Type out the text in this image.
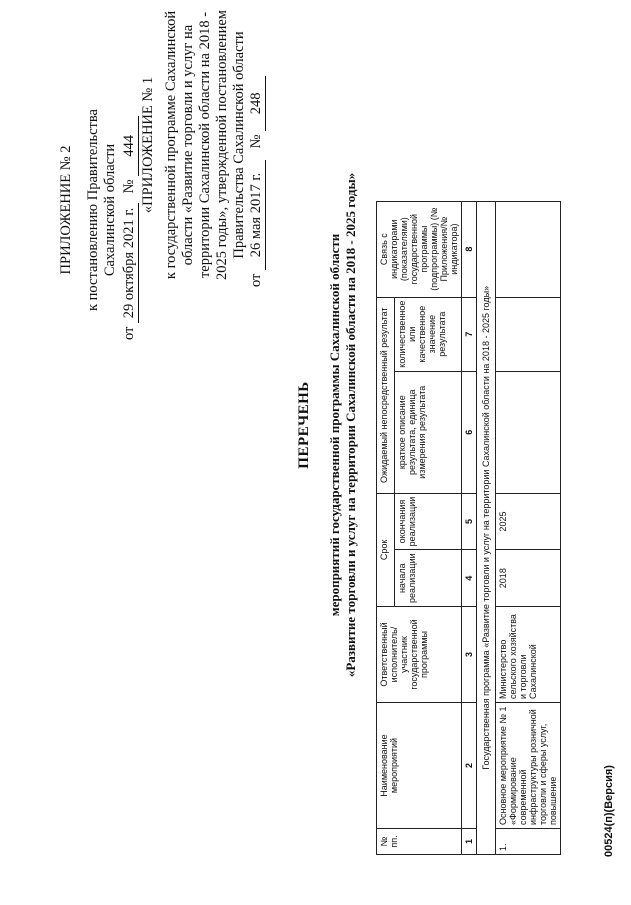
ПРИЛОЖЕНИЕ № 2 к постановлению Правительства Сахалинской области
от 29 октября 2021 г. № 444 «ПРИЛОЖЕНИЕ № 1 к государственной программе Сахалинской области «Развитие торговли и услуг на территории Сахалинской области на 2018 - 2025 годы», утвержденной постановлением Правительства Сахалинской области
от 26 мая 2017 г. № 248
ПЕРЕЧЕНЬ мероприятий государственной программы Сахалинской области «Развитие торговли и услуг на территории Сахалинской области на 2018 - 2025 годы»
№ пп.	Наименование мероприятий	Ответственный исполнитель/участник государственной программы	Срок		Ожидаемый непосредственный результат		Связь с индикаторами (показателями) государственной программы (подпрограммы) (№ Приложения/№ индикатора)
			начала реализации	окончания реализации	краткое описание результата, единица измерения результата	количественное или качественное значение результата	
1	2	3	4	5	6	7	8
Государственная программа «Развитие торговли и услуг на территории Сахалинской области на 2018 - 2025 годы»							
1.	Основное мероприятие № 1 «Формирование современной инфраструктуры розничной торговли и сферы услуг, повышение	Министерство сельского хозяйства и торговли Сахалинской	2018	2025			
00524(п)(Версия)
